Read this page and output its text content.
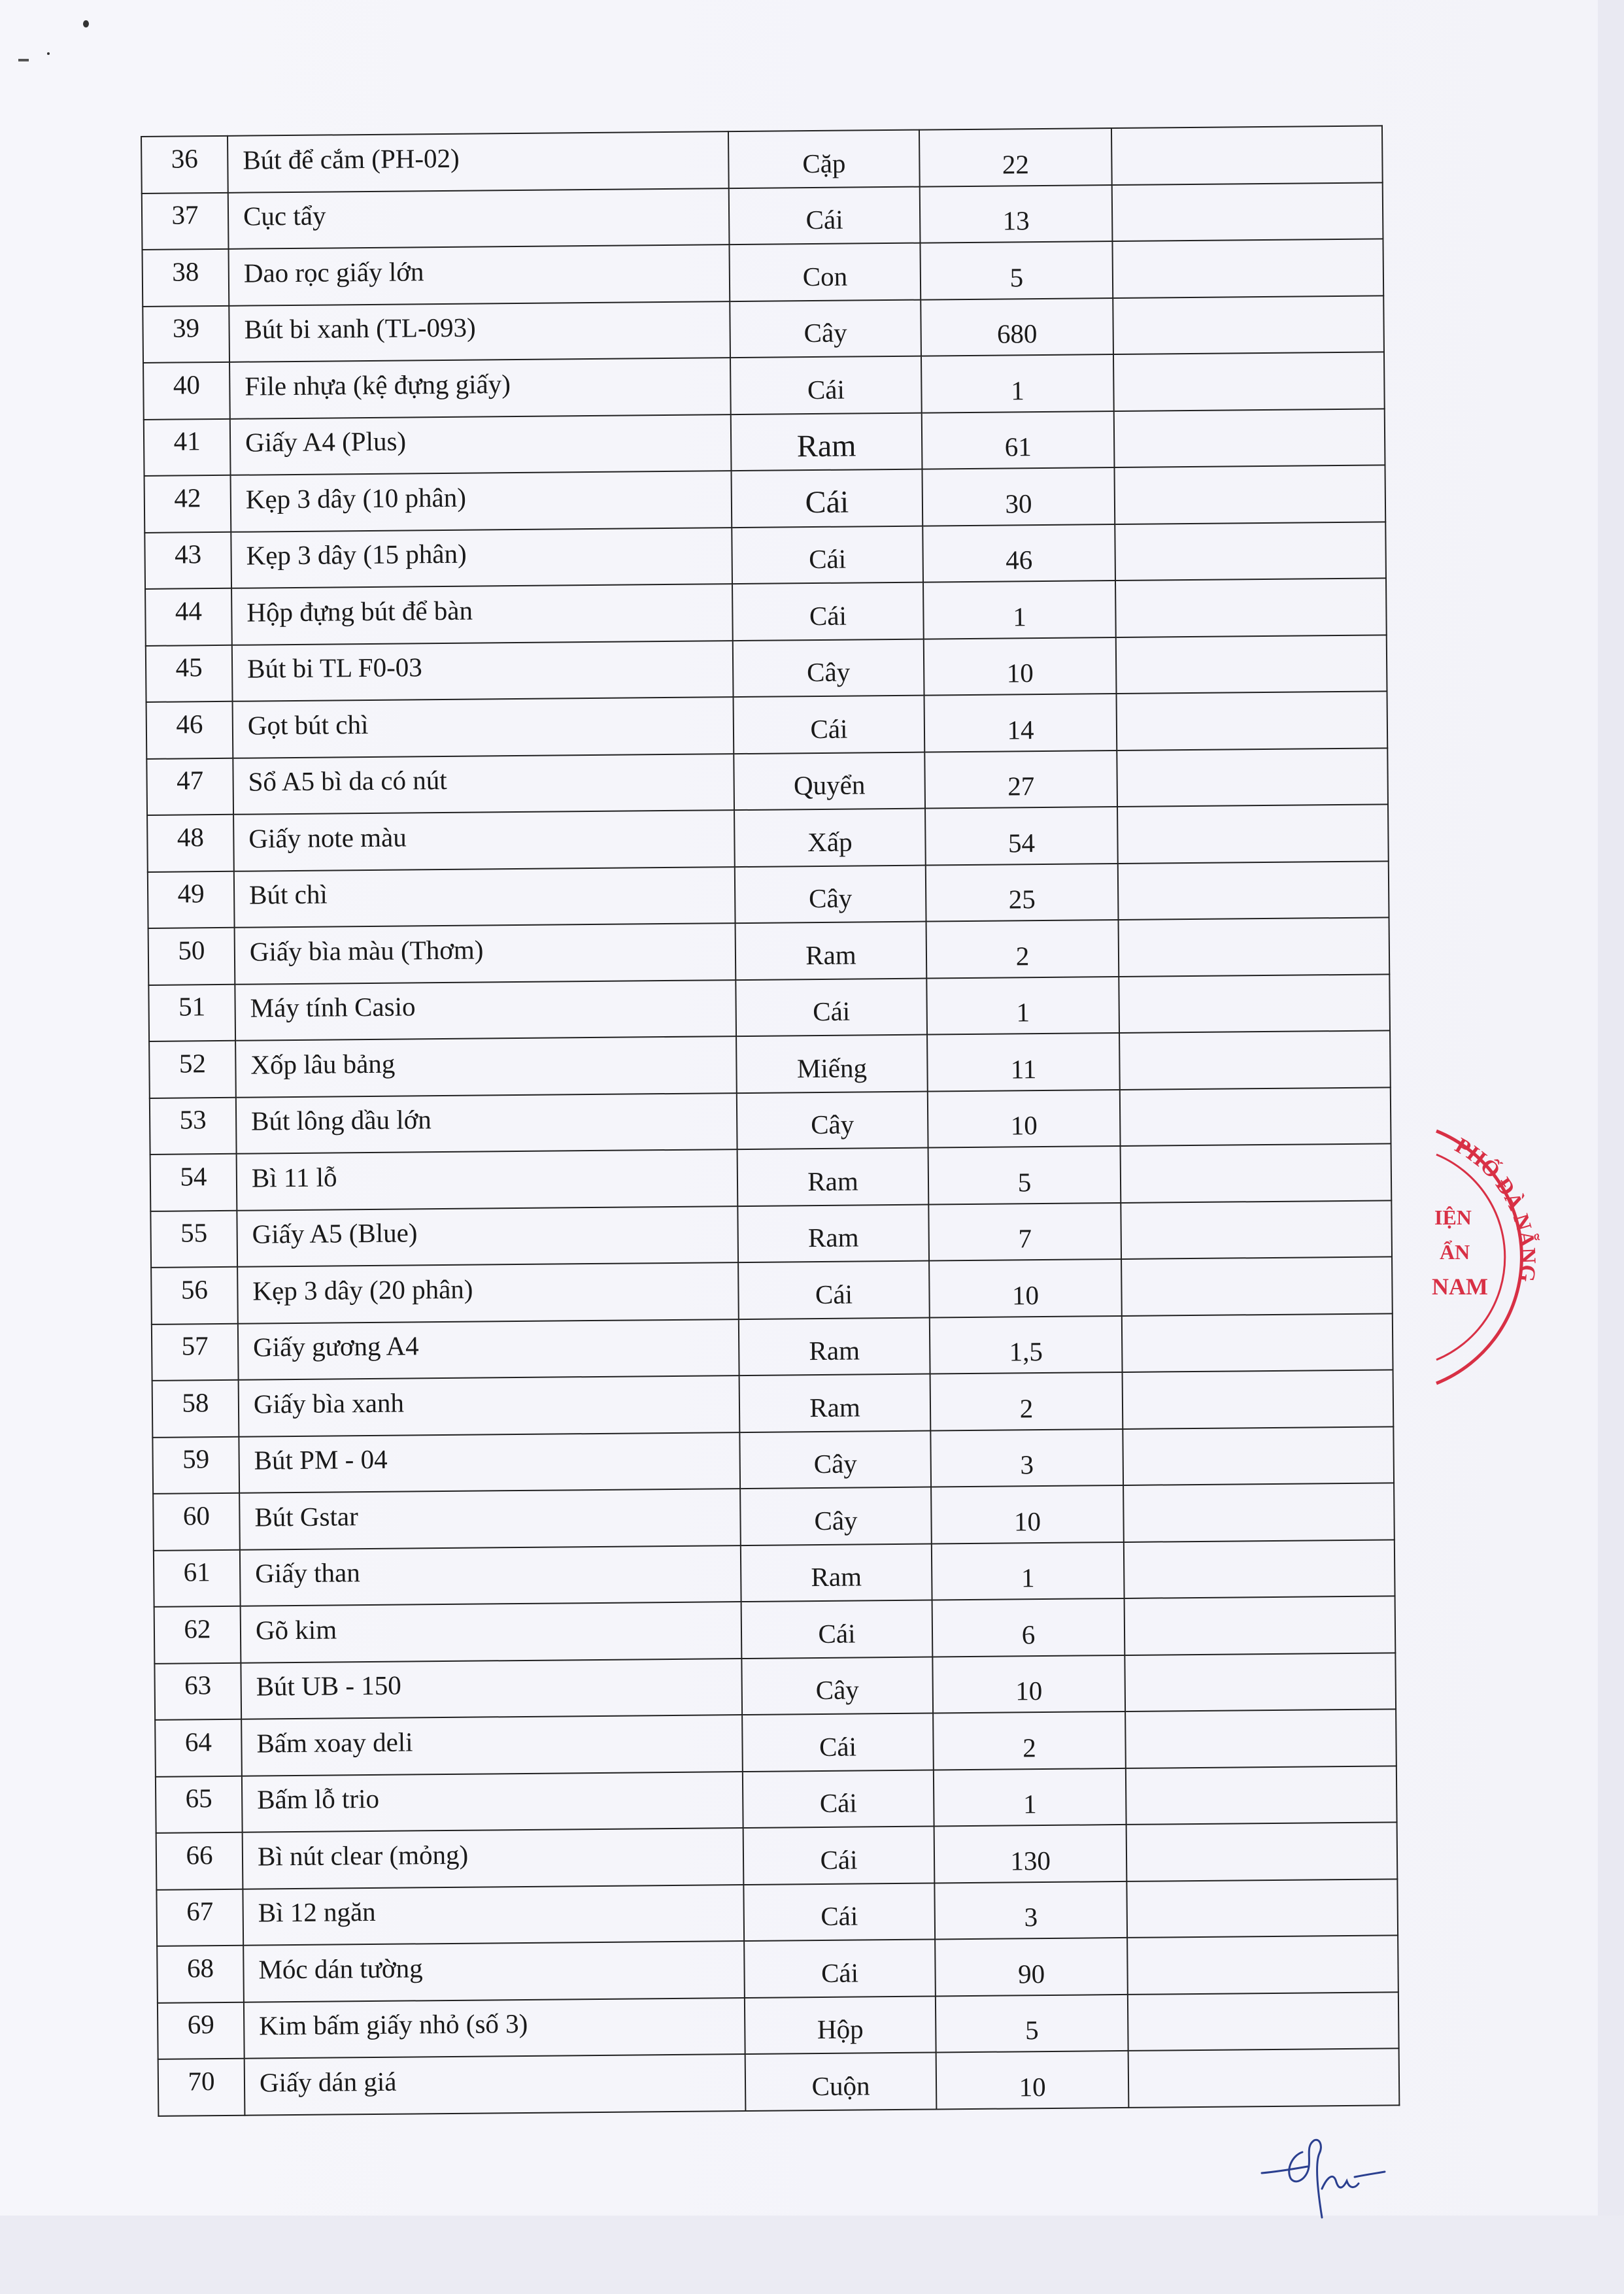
36	Bút để cắm (PH-02)	Cặp	22	
37	Cục tẩy	Cái	13	
38	Dao rọc giấy lớn	Con	5	
39	Bút bi xanh (TL-093)	Cây	680	
40	File nhựa (kệ đựng giấy)	Cái	1	
41	Giấy A4 (Plus)	Ram	61	
42	Kẹp 3 dây (10 phân)	Cái	30	
43	Kẹp 3 dây (15 phân)	Cái	46	
44	Hộp đựng bút để bàn	Cái	1	
45	Bút bi TL F0-03	Cây	10	
46	Gọt bút chì	Cái	14	
47	Sổ A5 bì da có nút	Quyển	27	
48	Giấy note màu	Xấp	54	
49	Bút chì	Cây	25	
50	Giấy bìa màu (Thơm)	Ram	2	
51	Máy tính Casio	Cái	1	
52	Xốp lâu bảng	Miếng	11	
53	Bút lông dầu lớn	Cây	10	
54	Bì 11 lỗ	Ram	5	
55	Giấy A5 (Blue)	Ram	7	
56	Kẹp 3 dây (20 phân)	Cái	10	
57	Giấy gương A4	Ram	1,5	
58	Giấy bìa xanh	Ram	2	
59	Bút PM - 04	Cây	3	
60	Bút Gstar	Cây	10	
61	Giấy than	Ram	1	
62	Gõ kim	Cái	6	
63	Bút UB - 150	Cây	10	
64	Bấm xoay deli	Cái	2	
65	Bấm lỗ trio	Cái	1	
66	Bì nút clear (mỏng)	Cái	130	
67	Bì 12 ngăn	Cái	3	
68	Móc dán tường	Cái	90	
69	Kim bấm giấy nhỏ (số 3)	Hộp	5	
70	Giấy dán giá	Cuộn	10	
PHỐ ĐÀ NẴNG
IỆN
ẨN
NAM
